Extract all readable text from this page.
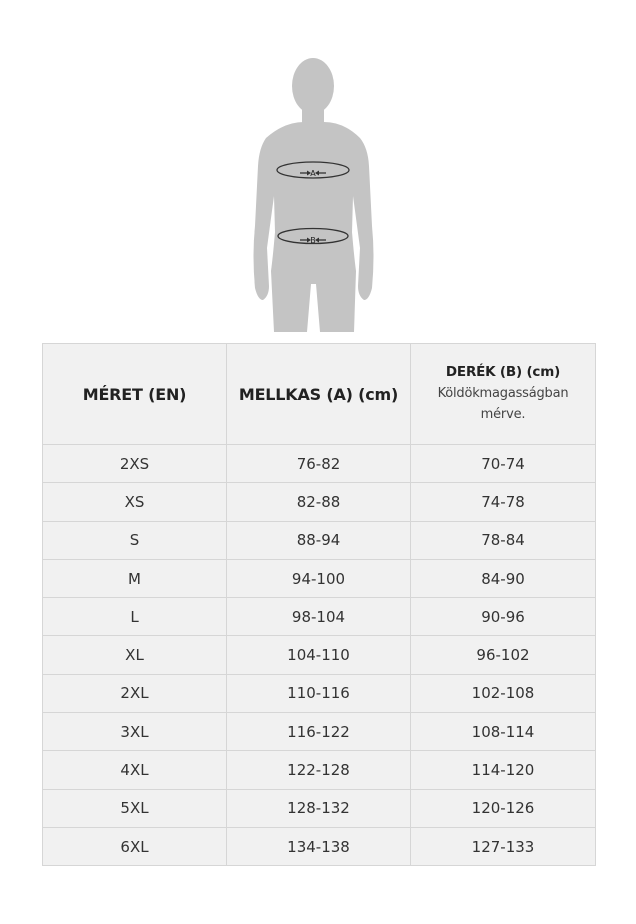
A
B
MÉRET (EN)	MELLKAS (A) (cm)	DERÉK (B) (cm)
Köldökmagasságban mérve.

2XS	76-82	70-74
XS	82-88	74-78
S	88-94	78-84
M	94-100	84-90
L	98-104	90-96
XL	104-110	96-102
2XL	110-116	102-108
3XL	116-122	108-114
4XL	122-128	114-120
5XL	128-132	120-126
6XL	134-138	127-133
